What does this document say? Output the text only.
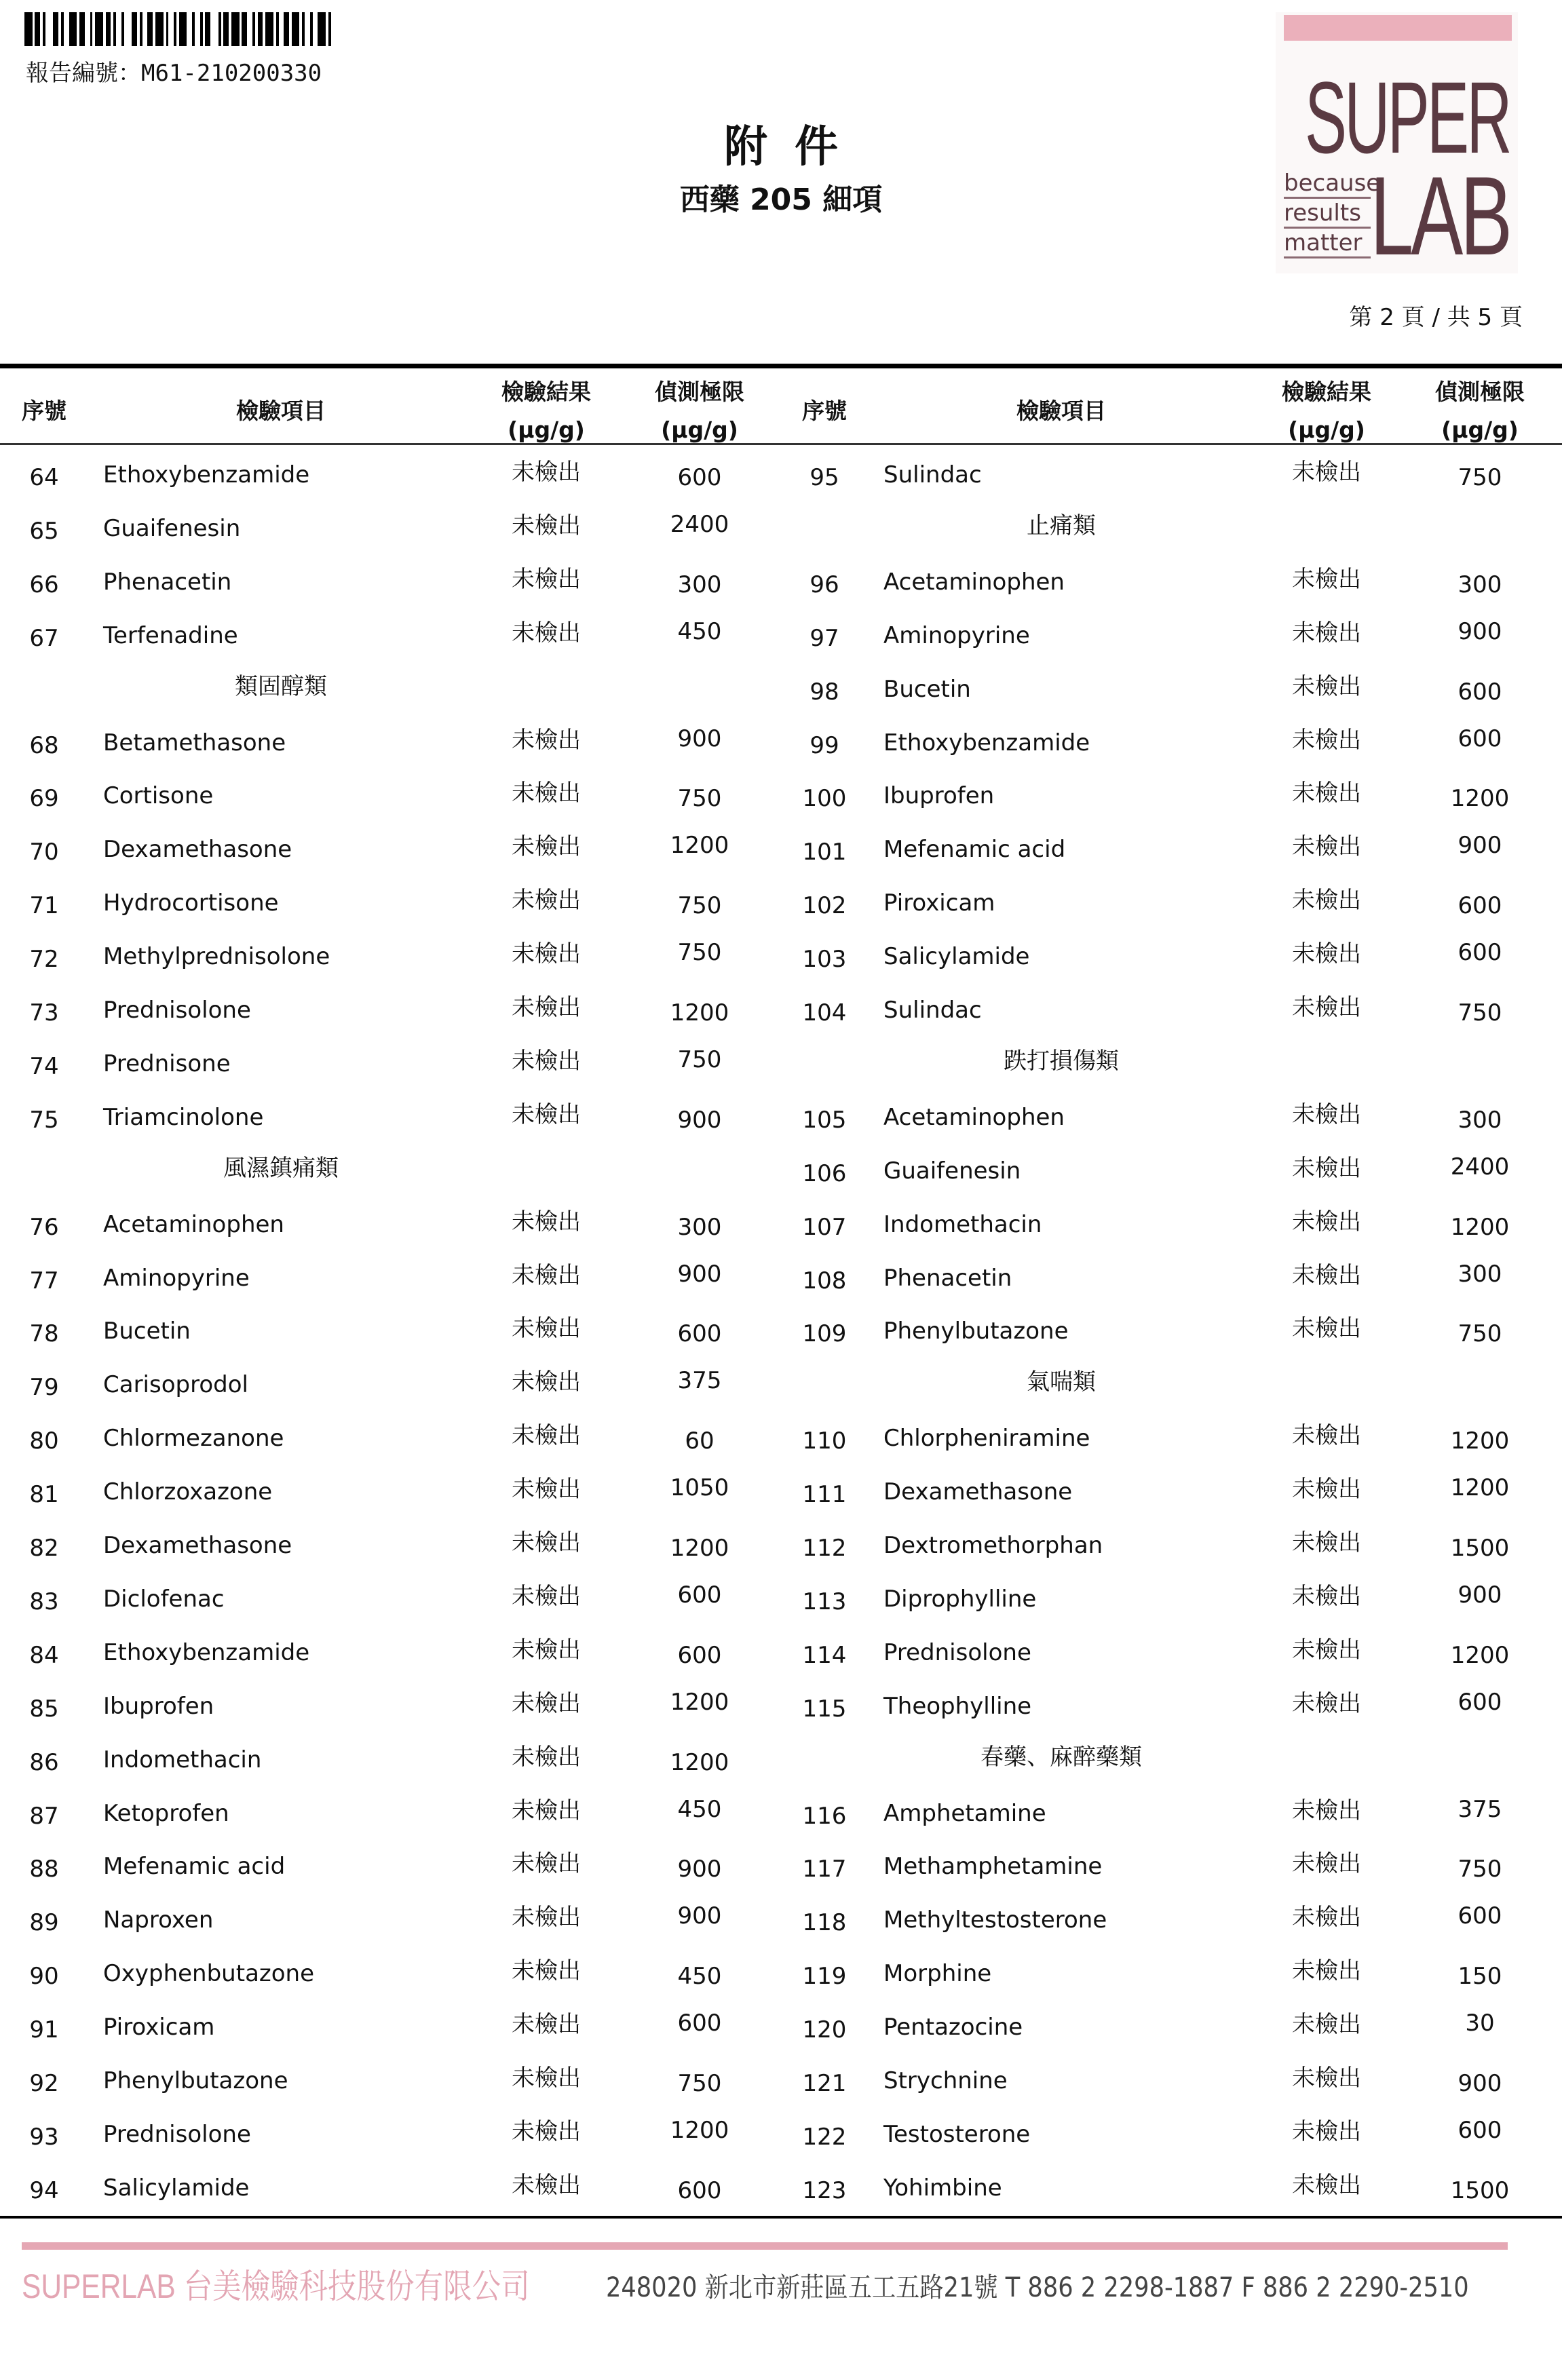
報告編號：M61-210200330
附件
西藥 205 細項
SUPER
LAB
because
results
matter
第 2 頁 / 共 5 頁
序號	檢驗項目
檢驗結果
(μg/g)
偵測極限
(μg/g)
序號	檢驗項目
檢驗結果
(μg/g)
偵測極限
(μg/g)
64	Ethoxybenzamide	未檢出	600
65	Guaifenesin	未檢出	2400
66	Phenacetin	未檢出	300
67	Terfenadine	未檢出	450
類固醇類
68	Betamethasone	未檢出	900
69	Cortisone	未檢出	750
70	Dexamethasone	未檢出	1200
71	Hydrocortisone	未檢出	750
72	Methylprednisolone	未檢出	750
73	Prednisolone	未檢出	1200
74	Prednisone	未檢出	750
75	Triamcinolone	未檢出	900
風濕鎮痛類
76	Acetaminophen	未檢出	300
77	Aminopyrine	未檢出	900
78	Bucetin	未檢出	600
79	Carisoprodol	未檢出	375
80	Chlormezanone	未檢出	60
81	Chlorzoxazone	未檢出	1050
82	Dexamethasone	未檢出	1200
83	Diclofenac	未檢出	600
84	Ethoxybenzamide	未檢出	600
85	Ibuprofen	未檢出	1200
86	Indomethacin	未檢出	1200
87	Ketoprofen	未檢出	450
88	Mefenamic acid	未檢出	900
89	Naproxen	未檢出	900
90	Oxyphenbutazone	未檢出	450
91	Piroxicam	未檢出	600
92	Phenylbutazone	未檢出	750
93	Prednisolone	未檢出	1200
94	Salicylamide	未檢出	600
95	Sulindac	未檢出	750
止痛類
96	Acetaminophen	未檢出	300
97	Aminopyrine	未檢出	900
98	Bucetin	未檢出	600
99	Ethoxybenzamide	未檢出	600
100 Ibuprofen	未檢出	1200
101 Mefenamic acid	未檢出	900
102 Piroxicam	未檢出	600
103 Salicylamide	未檢出	600
104 Sulindac	未檢出	750
跌打損傷類
105 Acetaminophen	未檢出	300
106 Guaifenesin	未檢出	2400
107 Indomethacin	未檢出	1200
108 Phenacetin	未檢出	300
109 Phenylbutazone	未檢出	750
氣喘類
110 Chlorpheniramine	未檢出	1200
111 Dexamethasone	未檢出	1200
112 Dextromethorphan	未檢出	1500
113 Diprophylline	未檢出	900
114 Prednisolone	未檢出	1200
115 Theophylline	未檢出	600
春藥、麻醉藥類
116 Amphetamine	未檢出	375
117 Methamphetamine	未檢出	750
118 Methyltestosterone	未檢出	600
119 Morphine	未檢出	150
120 Pentazocine	未檢出	30
121 Strychnine	未檢出	900
122 Testosterone	未檢出	600
123 Yohimbine	未檢出	1500
SUPERLAB 台美檢驗科技股份有限公司	248020 新北市新莊區五工五路21號 T 886 2 2298-1887 F 886 2 2290-2510
